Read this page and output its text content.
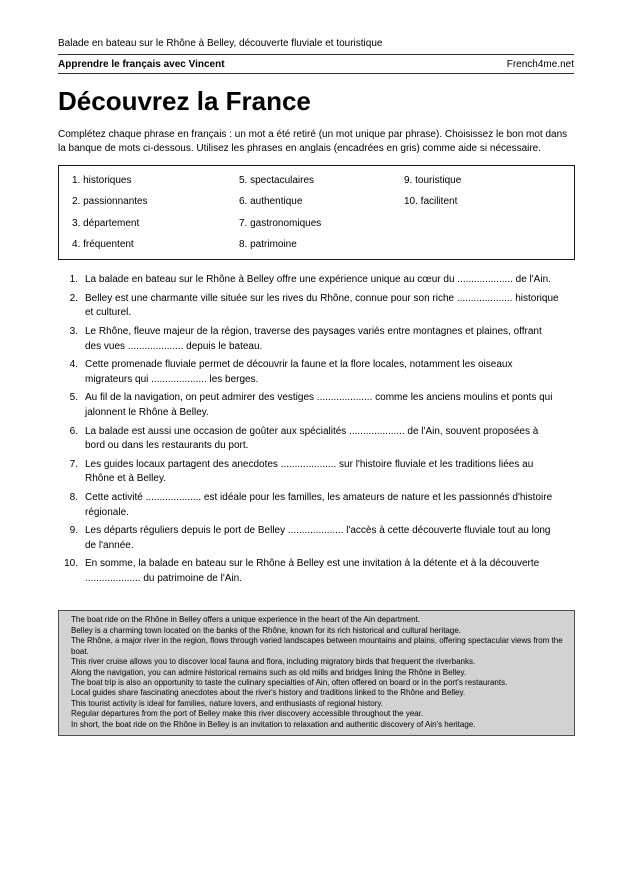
Balade en bateau sur le Rhône à Belley, découverte fluviale et touristique
Apprendre le français avec Vincent	French4me.net
Découvrez la France
Complétez chaque phrase en français : un mot a été retiré (un mot unique par phrase). Choisissez le bon mot dans la banque de mots ci-dessous. Utilisez les phrases en anglais (encadrées en gris) comme aide si nécessaire.
1. historiques
2. passionnantes
3. département
4. fréquentent
5. spectaculaires
6. authentique
7. gastronomiques
8. patrimoine
9. touristique
10. facilitent
1. La balade en bateau sur le Rhône à Belley offre une expérience unique au cœur du .................... de l'Ain.
2. Belley est une charmante ville située sur les rives du Rhône, connue pour son riche .................... historique et culturel.
3. Le Rhône, fleuve majeur de la région, traverse des paysages variés entre montagnes et plaines, offrant des vues .................... depuis le bateau.
4. Cette promenade fluviale permet de découvrir la faune et la flore locales, notamment les oiseaux migrateurs qui .................... les berges.
5. Au fil de la navigation, on peut admirer des vestiges .................... comme les anciens moulins et ponts qui jalonnent le Rhône à Belley.
6. La balade est aussi une occasion de goûter aux spécialités .................... de l'Ain, souvent proposées à bord ou dans les restaurants du port.
7. Les guides locaux partagent des anecdotes .................... sur l'histoire fluviale et les traditions liées au Rhône et à Belley.
8. Cette activité .................... est idéale pour les familles, les amateurs de nature et les passionnés d'histoire régionale.
9. Les départs réguliers depuis le port de Belley .................... l'accès à cette découverte fluviale tout au long de l'année.
10. En somme, la balade en bateau sur le Rhône à Belley est une invitation à la détente et à la découverte .................... du patrimoine de l'Ain.
The boat ride on the Rhône in Belley offers a unique experience in the heart of the Ain department.
Belley is a charming town located on the banks of the Rhône, known for its rich historical and cultural heritage.
The Rhône, a major river in the region, flows through varied landscapes between mountains and plains, offering spectacular views from the boat.
This river cruise allows you to discover local fauna and flora, including migratory birds that frequent the riverbanks.
Along the navigation, you can admire historical remains such as old mills and bridges lining the Rhône in Belley.
The boat trip is also an opportunity to taste the culinary specialties of Ain, often offered on board or in the port's restaurants.
Local guides share fascinating anecdotes about the river's history and traditions linked to the Rhône and Belley.
This tourist activity is ideal for families, nature lovers, and enthusiasts of regional history.
Regular departures from the port of Belley make this river discovery accessible throughout the year.
In short, the boat ride on the Rhône in Belley is an invitation to relaxation and authentic discovery of Ain's heritage.
